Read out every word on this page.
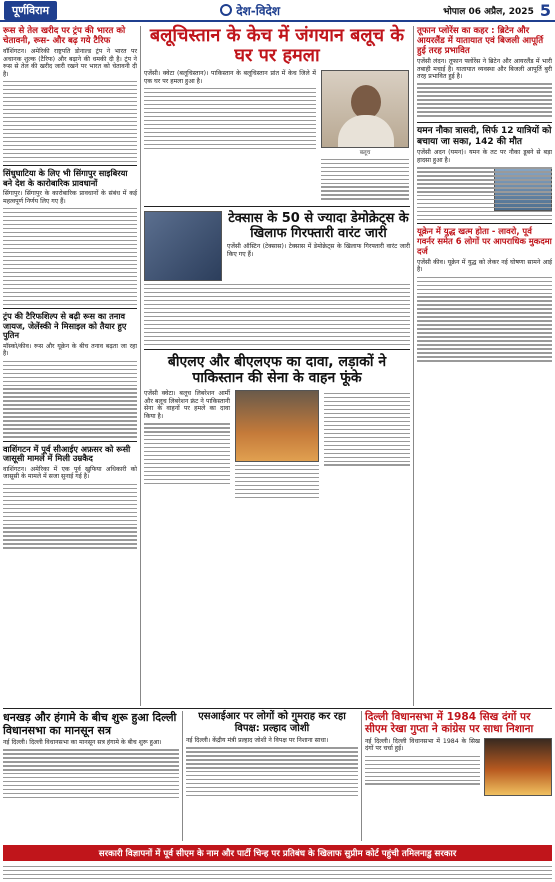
पूर्णविराम	देश-विदेश	भोपाल 06 अप्रैल, 2025 5
रूस से तेल खरीद पर ट्रंप की भारत को चेतावनी, रूस- और बढ़ गये टैरिफ
वॉशिंगटन। अमेरिकी राष्ट्रपति डोनाल्ड ट्रंप ने भारत पर अचानक शुल्क (टैरिफ) और बढ़ाने की धमकी दी है। ट्रंप ने रूस से तेल की खरीद जारी रखने पर भारत को चेतावनी दी है।
सिंधुघाटिया के लिए भी सिंगापुर साइबिरया बने देश के कारोबारिक प्रावधानों
सिंगापुर। सिंगापुर के कारोबारिक प्रावधानों के संबंध में कई महत्वपूर्ण निर्णय लिए गए हैं।
ट्रंप की टैरिफशिल्प से बढ़ी रूस का तनाव जायज, जेलेंस्की ने मिसाइल को तैयार हुए पुतिन
मॉस्को/कीव। रूस और यूक्रेन के बीच तनाव बढ़ता जा रहा है।
वाशिंगटन में पूर्व सीआईए अफ़सर को रूसी जासूसी मामले में मिली उम्रकैद
वाशिंगटन। अमेरिका में एक पूर्व खुफिया अधिकारी को जासूसी के मामले में सजा सुनाई गई है।
बलूचिस्तान के केच में जंगयान बलूच के घर पर हमला
एजेंसी। क्वेटा (बलूचिस्तान)। पाकिस्तान के बलूचिस्तान प्रांत में केच जिले में एक घर पर हमला हुआ है।
बलूच
टेक्सास के 50 से ज्यादा डेमोक्रेट्स के खिलाफ गिरफ्तारी वारंट जारी
एजेंसी ऑस्टिन (टेक्सास)। टेक्सास में डेमोक्रेट्स के खिलाफ गिरफ्तारी वारंट जारी किए गए हैं।
बीएलए और बीएलएफ का दावा, लड़ाकों ने पाकिस्तान की सेना के वाहन फूंके
एजेंसी क्वेटा। बलूच लिबरेशन आर्मी और बलूच लिबरेशन फ्रंट ने पाकिस्तानी सेना के वाहनों पर हमले का दावा किया है।
तूफान प्लोरेंस का कहर : ब्रिटेन और आयरलैंड में यातायात एवं बिजली आपूर्ति हुई तरह प्रभावित
एजेंसी लंदन। तूफान फ्लोरेंस ने ब्रिटेन और आयरलैंड में भारी तबाही मचाई है। यातायात व्यवस्था और बिजली आपूर्ति बुरी तरह प्रभावित हुई है।
यमन नौका त्रासदी, सिर्फ 12 यात्रियों को बचाया जा सका, 142 की मौत
एजेंसी अदन (यमन)। यमन के तट पर नौका डूबने से बड़ा हादसा हुआ है।
यूक्रेन में युद्ध खत्म होता - लावरो, पूर्व गवर्नर समेत 6 लोगों पर आपराधिक मुकदमा दर्ज
एजेंसी कीव। यूक्रेन में युद्ध को लेकर नई घोषणा सामने आई है।
धनखड़ और हंगामे के बीच शुरू हुआ दिल्ली विधानसभा का मानसून सत्र
नई दिल्ली। दिल्ली विधानसभा का मानसून सत्र हंगामे के बीच शुरू हुआ।
एसआईआर पर लोगों को गुमराह कर रहा विपक्ष: प्रल्हाद जोशी
नई दिल्ली। केंद्रीय मंत्री प्रल्हाद जोशी ने विपक्ष पर निशाना साधा।
दिल्ली विधानसभा में 1984 सिख दंगों पर सीएम रेखा गुप्ता ने कांग्रेस पर साधा निशाना
नई दिल्ली। दिल्ली विधानसभा में 1984 के सिख दंगों पर चर्चा हुई।
सरकारी विज्ञापनों में पूर्व सीएम के नाम और पार्टी चिन्ह पर प्रतिबंध के खिलाफ सुप्रीम कोर्ट पहुंची तमिलनाडु सरकार
